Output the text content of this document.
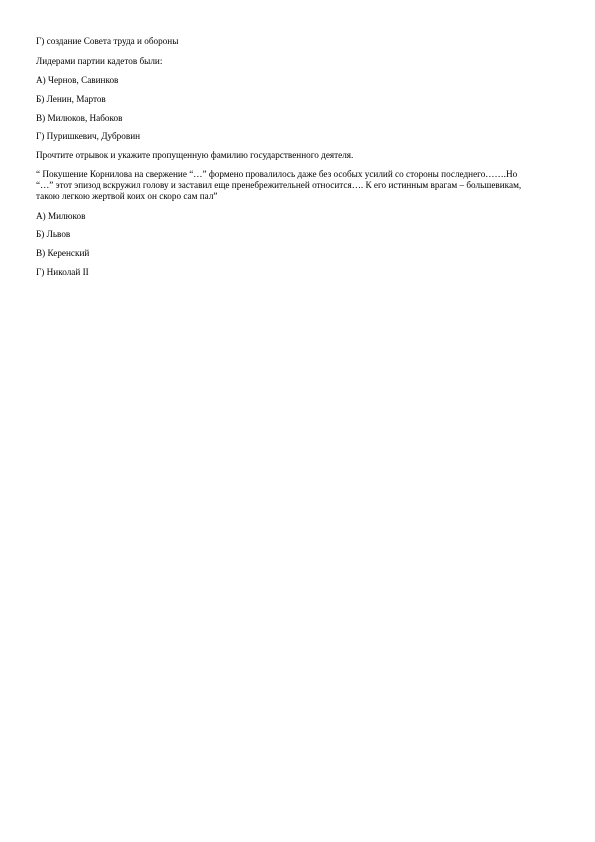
Г) создание Совета труда и обороны
Лидерами партии кадетов были:
А) Чернов, Савинков
Б) Ленин, Мартов
В) Милюков, Набоков
Г) Пуришкевич, Дубровин
Прочтите отрывок и укажите пропущенную фамилию государственного деятеля.
“ Покушение Корнилова на свержение “…” формено провалилось даже без особых усилий со стороны последнего…….Но
“…” этот эпизод вскружил голову и заставил еще пренебрежительней относится…. К его истинным врагам – большевикам,
такою легкою жертвой коих он скоро сам пал”
А) Милюков
Б) Львов
В) Керенский
Г) Николай II
